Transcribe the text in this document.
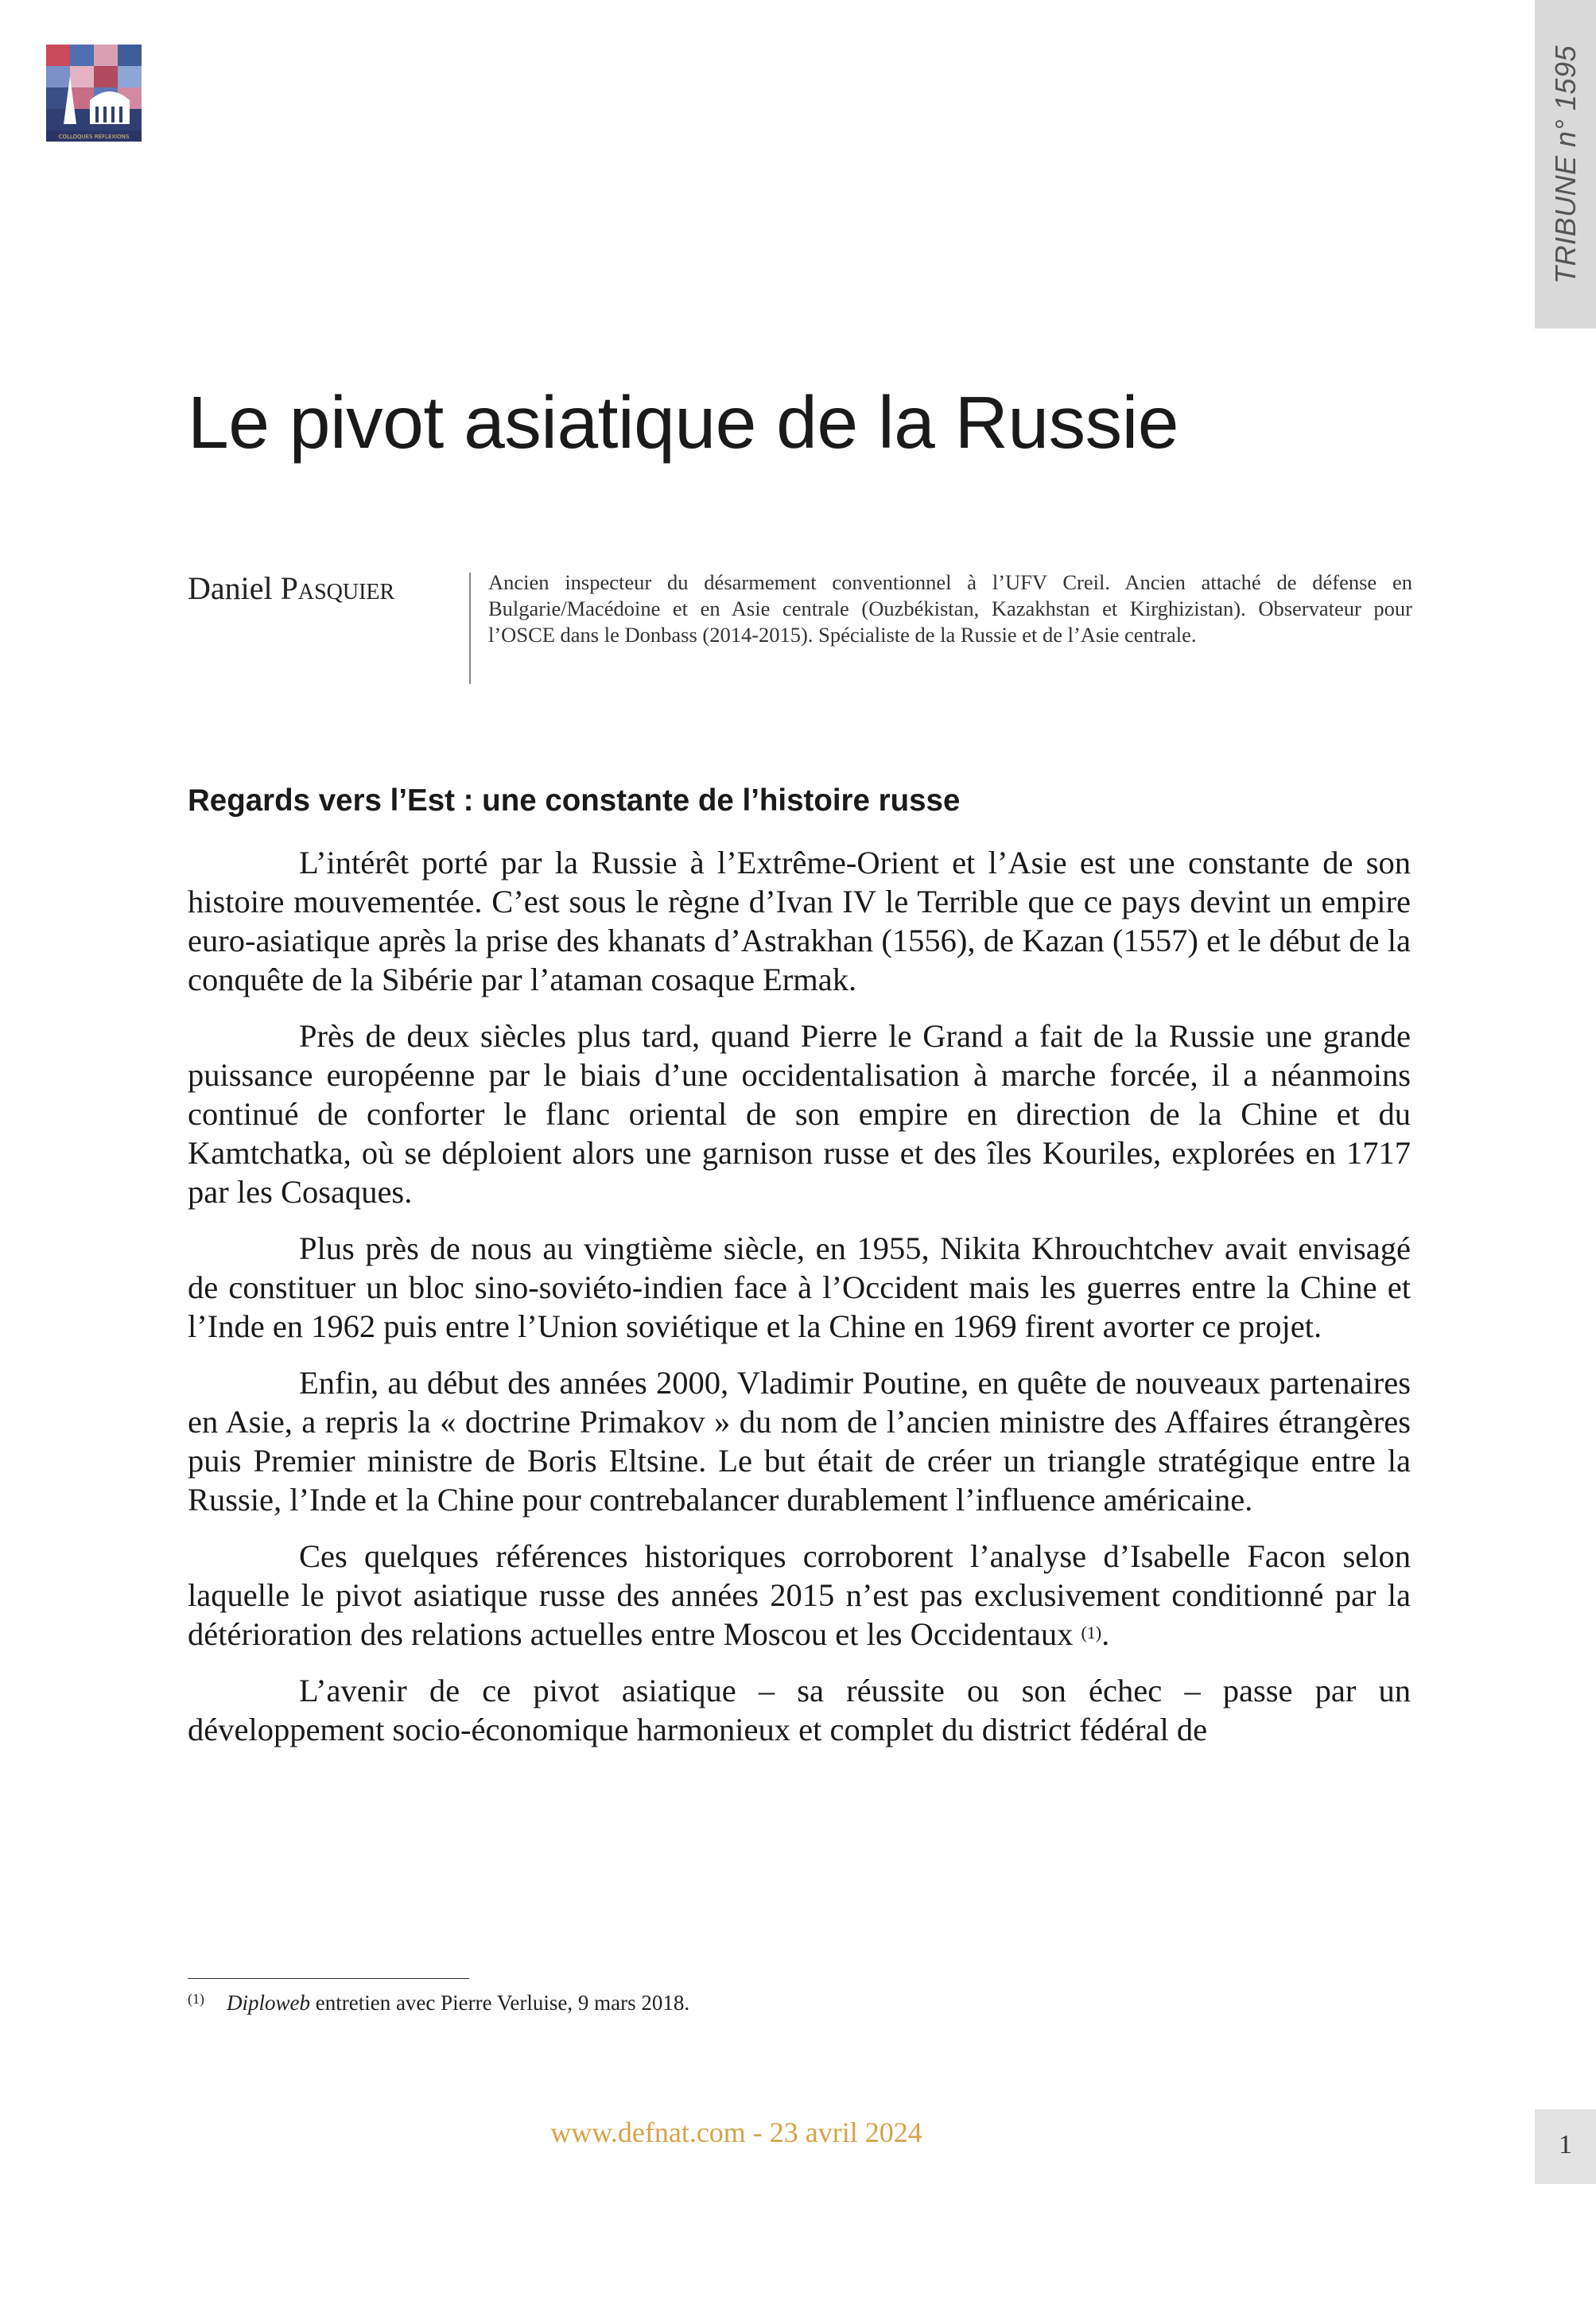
COLLOQUES RÉFLEXIONS	TRIBUNE n° 1595
Le pivot asiatique de la Russie
Daniel Pasquier	Ancien inspecteur du désarmement conventionnel à l’UFV Creil. Ancien attaché de défense en Bulgarie/Macédoine et en Asie centrale (Ouzbékistan, Kazakhstan et Kirghizistan). Observateur pour l’OSCE dans le Donbass (2014-2015). Spécialiste de la Russie et de l’Asie centrale.
Regards vers l’Est : une constante de l’histoire russe

L’intérêt porté par la Russie à l’Extrême-Orient et l’Asie est une constante de son histoire mouvementée. C’est sous le règne d’Ivan IV le Terrible que ce pays devint un empire euro-asiatique après la prise des khanats d’Astrakhan (1556), de Kazan (1557) et le début de la conquête de la Sibérie par l’ataman cosaque Ermak.

Près de deux siècles plus tard, quand Pierre le Grand a fait de la Russie une grande puissance européenne par le biais d’une occidentalisation à marche forcée, il a néanmoins continué de conforter le flanc oriental de son empire en direction de la Chine et du Kamtchatka, où se déploient alors une garnison russe et des îles Kouriles, explorées en 1717 par les Cosaques.

Plus près de nous au vingtième siècle, en 1955, Nikita Khrouchtchev avait envisagé de constituer un bloc sino-soviéto-indien face à l’Occident mais les guerres entre la Chine et l’Inde en 1962 puis entre l’Union soviétique et la Chine en 1969 firent avorter ce projet.

Enfin, au début des années 2000, Vladimir Poutine, en quête de nouveaux partenaires en Asie, a repris la « doctrine Primakov » du nom de l’ancien ministre des Affaires étrangères puis Premier ministre de Boris Eltsine. Le but était de créer un triangle stratégique entre la Russie, l’Inde et la Chine pour contrebalancer durablement l’influence américaine.

Ces quelques références historiques corroborent l’analyse d’Isabelle Facon selon laquelle le pivot asiatique russe des années 2015 n’est pas exclusivement conditionné par la détérioration des relations actuelles entre Moscou et les Occidentaux $^{(1)}$.

L’avenir de ce pivot asiatique – sa réussite ou son échec – passe par un développement socio-économique harmonieux et complet du district fédéral de

$^{(1)}$ Diploweb entretien avec Pierre Verluise, 9 mars 2018.
www.defnat.com - 23 avril 2024	1
